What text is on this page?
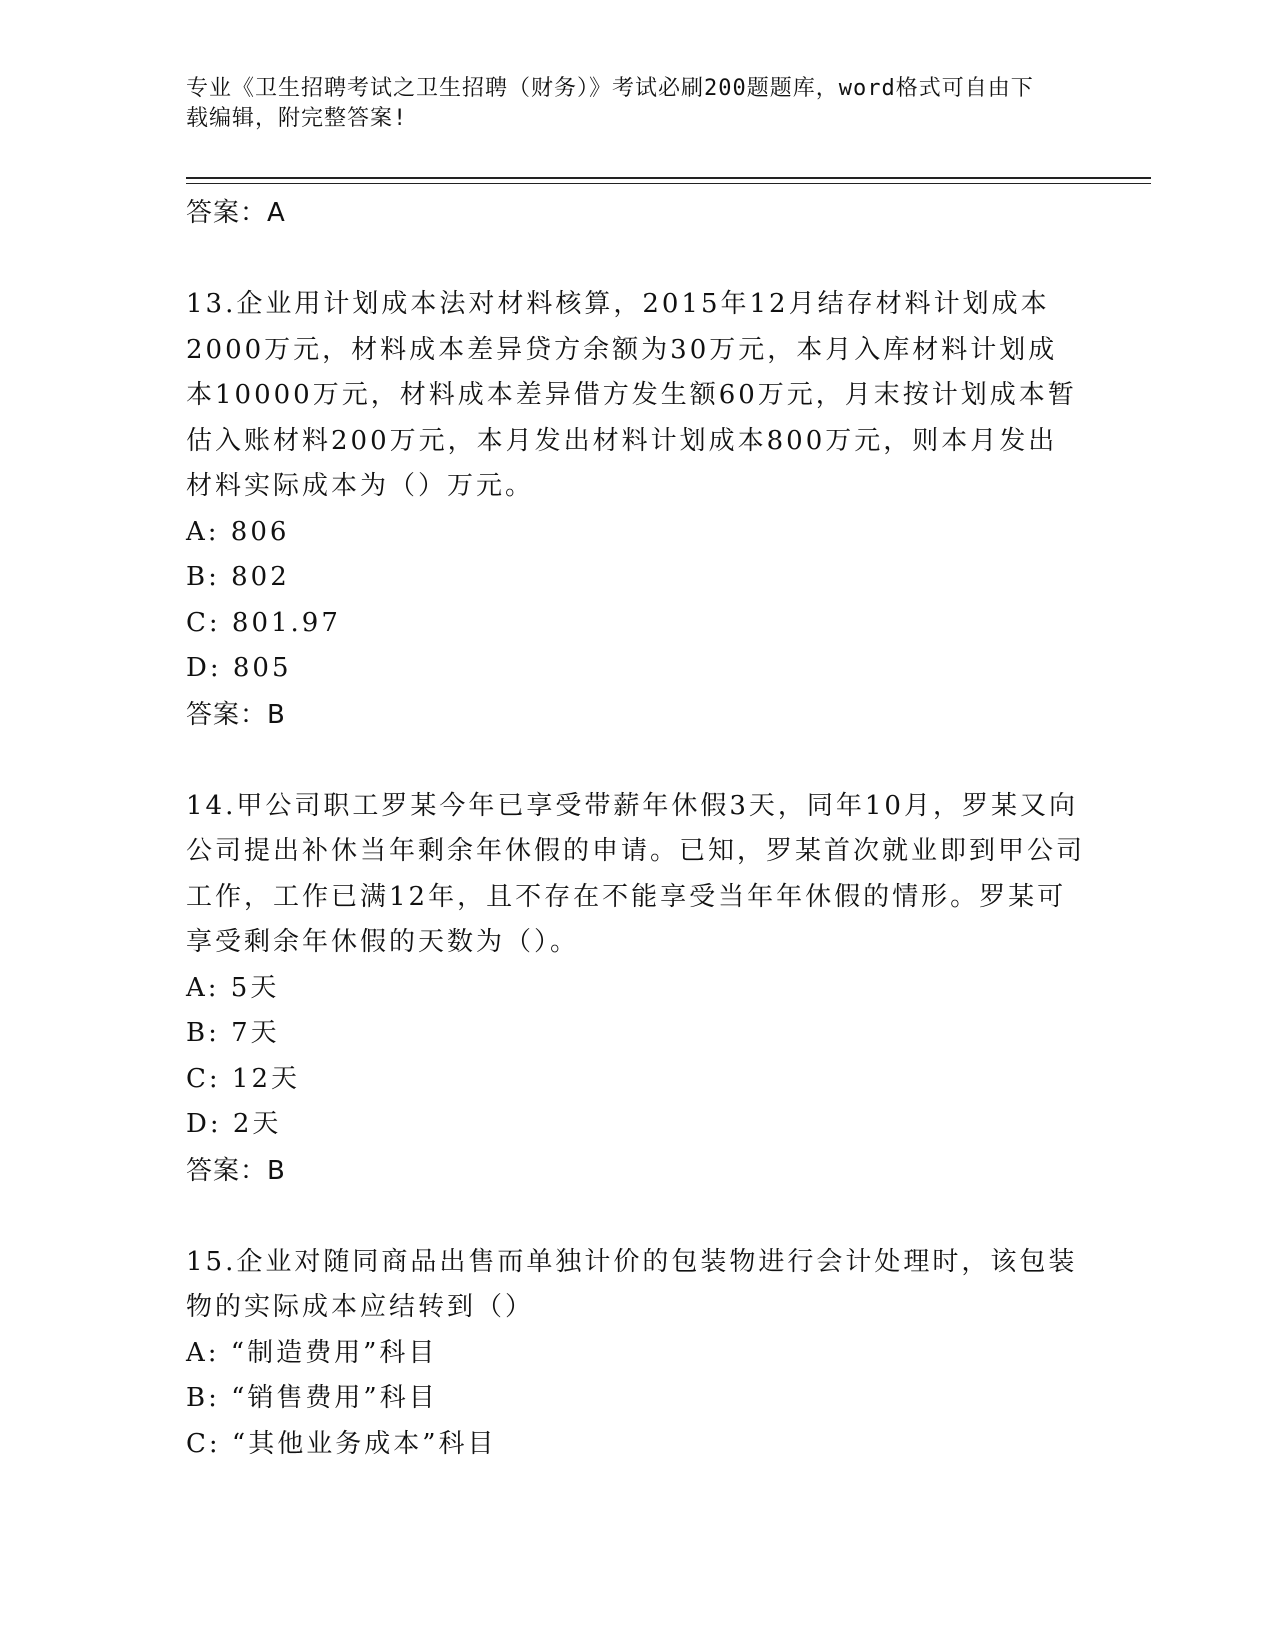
专业《卫生招聘考试之卫生招聘（财务）》考试必刷200题题库，word格式可自由下载编辑，附完整答案!
答案：A

13.企业用计划成本法对材料核算，2015年12月结存材料计划成本2000万元，材料成本差异贷方余额为30万元，本月入库材料计划成本10000万元，材料成本差异借方发生额60万元，月末按计划成本暂估入账材料200万元，本月发出材料计划成本800万元，则本月发出材料实际成本为（）万元。

A: 806
B: 802
C: 801.97
D: 805
答案：B

14.甲公司职工罗某今年已享受带薪年休假3天，同年10月，罗某又向公司提出补休当年剩余年休假的申请。已知，罗某首次就业即到甲公司工作，工作已满12年，且不存在不能享受当年年休假的情形。罗某可享受剩余年休假的天数为（）。

A: 5天
B: 7天
C: 12天
D: 2天
答案：B

15.企业对随同商品出售而单独计价的包装物进行会计处理时，该包装物的实际成本应结转到（）

A: “制造费用”科目
B: “销售费用”科目
C: “其他业务成本”科目
